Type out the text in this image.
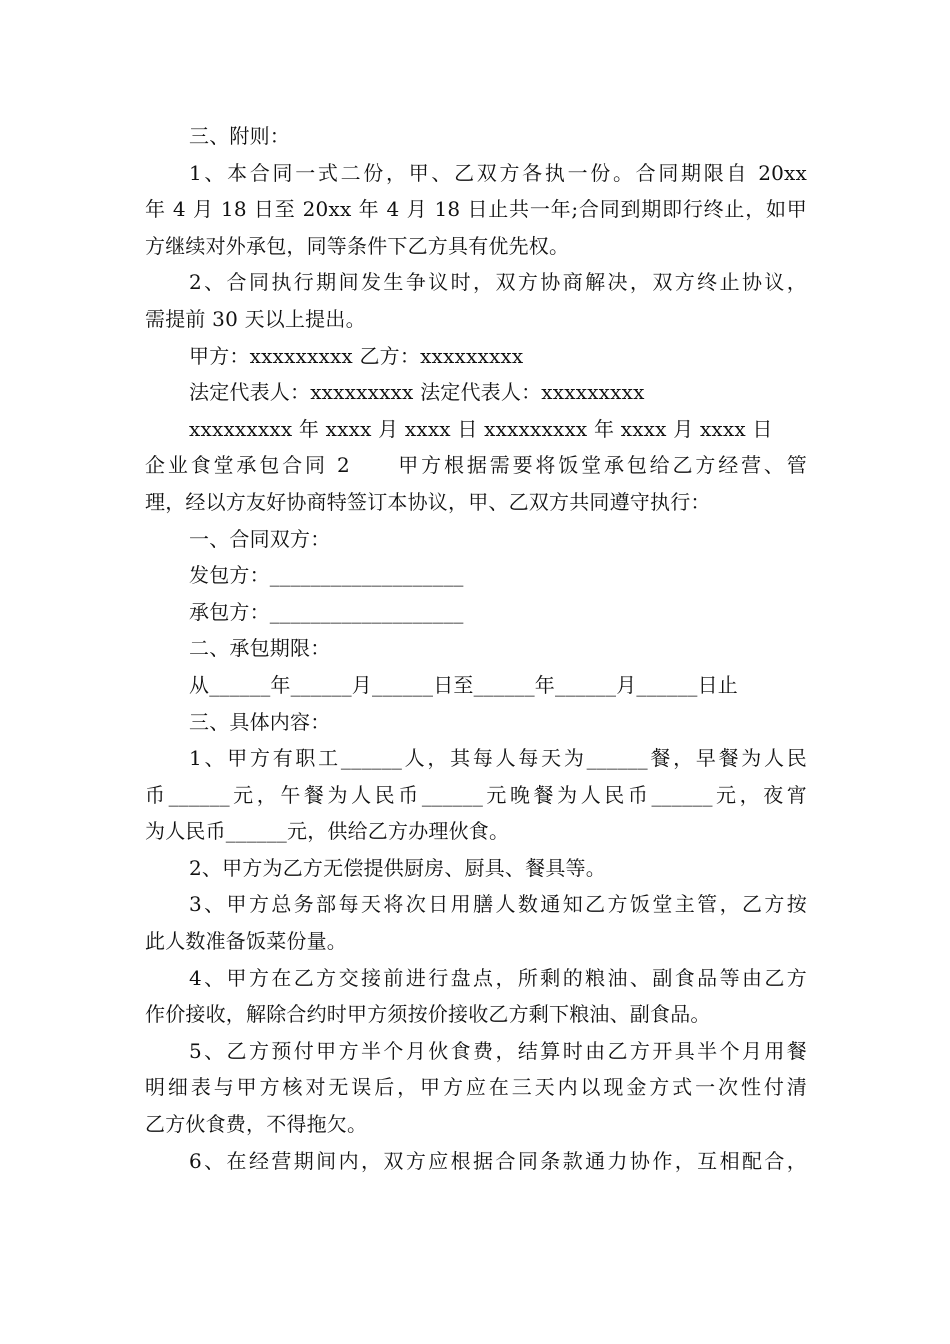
三、附则：
1、本合同一式二份，甲、乙双方各执一份。合同期限自 20xx
年 4 月 18 日至 20xx 年 4 月 18 日止共一年;合同到期即行终止，如甲
方继续对外承包，同等条件下乙方具有优先权。
2、合同执行期间发生争议时，双方协商解决，双方终止协议，
需提前 30 天以上提出。
甲方：xxxxxxxxx 乙方：xxxxxxxxx
法定代表人：xxxxxxxxx 法定代表人：xxxxxxxxx
xxxxxxxxx 年 xxxx 月 xxxx 日 xxxxxxxxx 年 xxxx 月 xxxx 日
企业食堂承包合同 2　　甲方根据需要将饭堂承包给乙方经营、管
理，经以方友好协商特签订本协议，甲、乙双方共同遵守执行：
一、合同双方：
发包方：___________________
承包方：___________________
二、承包期限：
从______年______月______日至______年______月______日止
三、具体内容：
1、甲方有职工______人，其每人每天为______餐，早餐为人民
币______元，午餐为人民币______元晚餐为人民币______元，夜宵
为人民币______元，供给乙方办理伙食。
2、甲方为乙方无偿提供厨房、厨具、餐具等。
3、甲方总务部每天将次日用膳人数通知乙方饭堂主管，乙方按
此人数准备饭菜份量。
4、甲方在乙方交接前进行盘点，所剩的粮油、副食品等由乙方
作价接收，解除合约时甲方须按价接收乙方剩下粮油、副食品。
5、乙方预付甲方半个月伙食费，结算时由乙方开具半个月用餐
明细表与甲方核对无误后，甲方应在三天内以现金方式一次性付清
乙方伙食费，不得拖欠。
6、在经营期间内，双方应根据合同条款通力协作，互相配合，
